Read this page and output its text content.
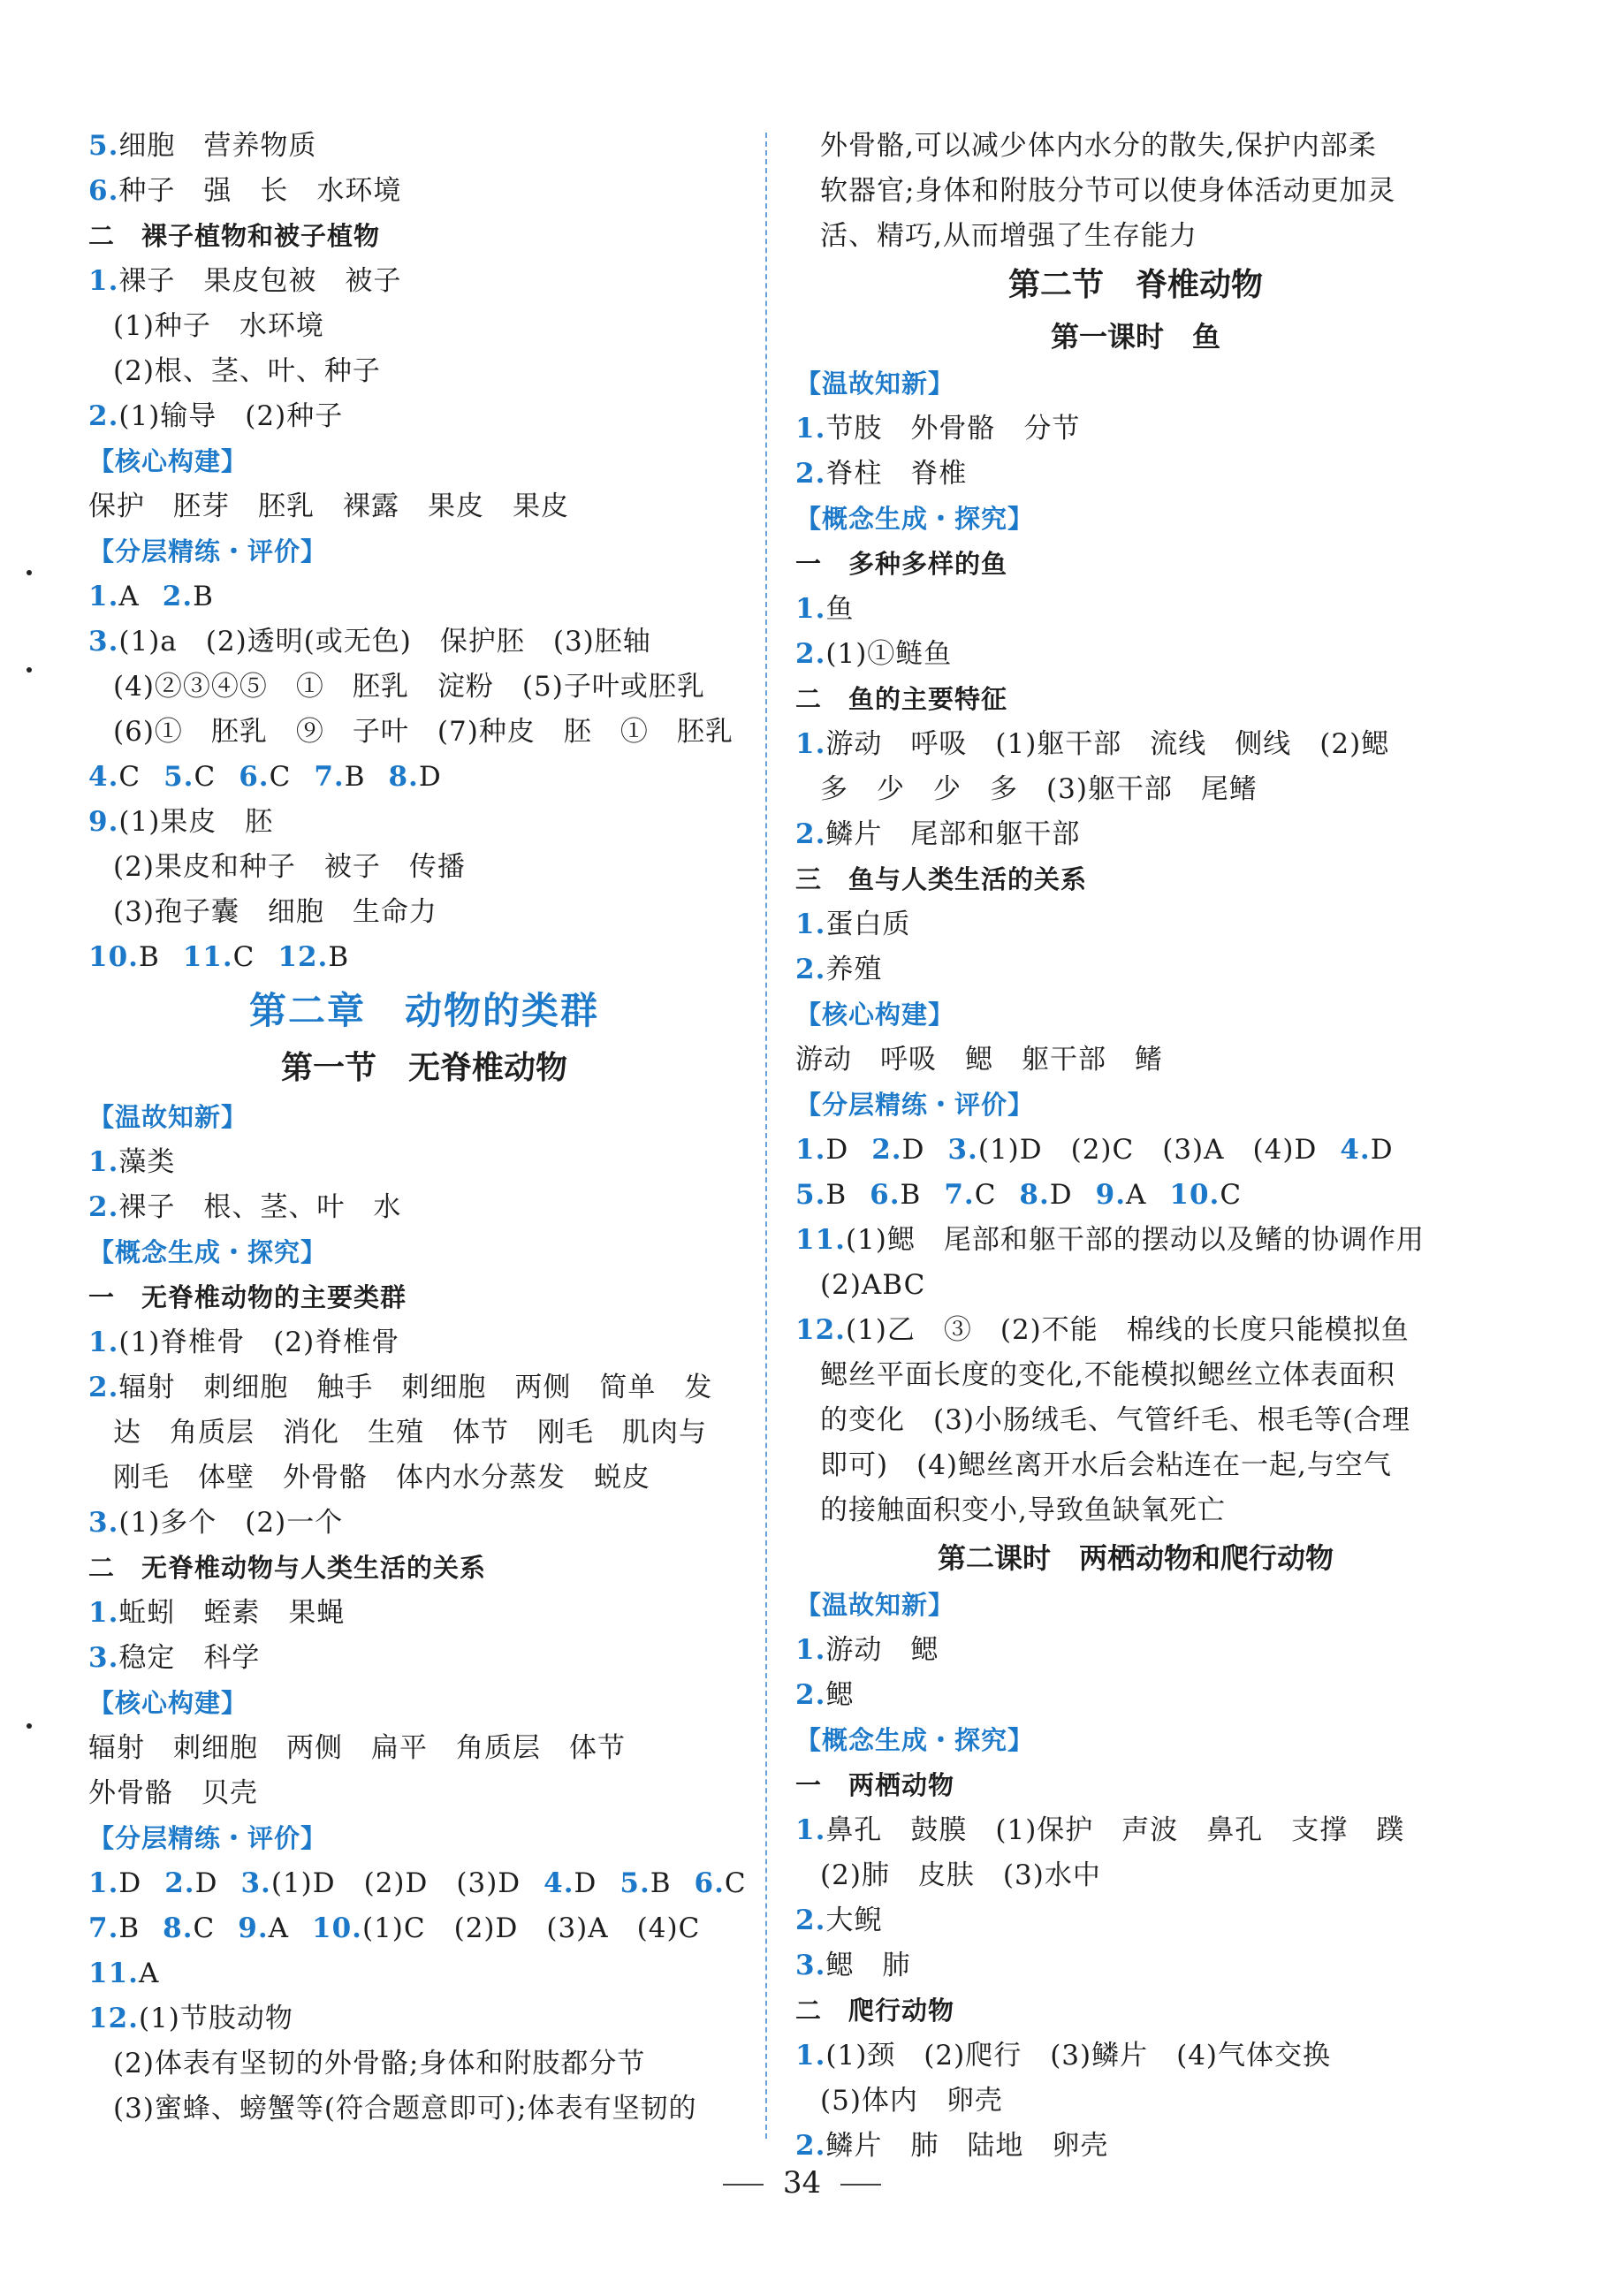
5.细胞　营养物质
6.种子　强　长　水环境
二　裸子植物和被子植物
1.裸子　果皮包被　被子
(1)种子　水环境
(2)根、茎、叶、种子
2.(1)输导　(2)种子
【核心构建】
保护　胚芽　胚乳　裸露　果皮　果皮
【分层精练・评价】
1.A 2.B
3.(1)a　(2)透明(或无色)　保护胚　(3)胚轴
(4)②③④⑤　①　胚乳　淀粉　(5)子叶或胚乳
(6)①　胚乳　⑨　子叶　(7)种皮　胚　①　胚乳
4.C 5.C 6.C 7.B 8.D
9.(1)果皮　胚
(2)果皮和种子　被子　传播
(3)孢子囊　细胞　生命力
10.B 11.C 12.B
第二章　动物的类群
第一节　无脊椎动物
【温故知新】
1.藻类
2.裸子　根、茎、叶　水
【概念生成・探究】
一　无脊椎动物的主要类群
1.(1)脊椎骨　(2)脊椎骨
2.辐射　刺细胞　触手　刺细胞　两侧　简单　发
达　角质层　消化　生殖　体节　刚毛　肌肉与
刚毛　体壁　外骨骼　体内水分蒸发　蜕皮
3.(1)多个　(2)一个
二　无脊椎动物与人类生活的关系
1.蚯蚓　蛭素　果蝇
3.稳定　科学
【核心构建】
辐射　刺细胞　两侧　扁平　角质层　体节
外骨骼　贝壳
【分层精练・评价】
1.D 2.D 3.(1)D　(2)D　(3)D 4.D 5.B 6.C
7.B 8.C 9.A 10.(1)C　(2)D　(3)A　(4)C
11.A
12.(1)节肢动物
(2)体表有坚韧的外骨骼;身体和附肢都分节
(3)蜜蜂、螃蟹等(符合题意即可);体表有坚韧的
外骨骼,可以减少体内水分的散失,保护内部柔
软器官;身体和附肢分节可以使身体活动更加灵
活、精巧,从而增强了生存能力
第二节　脊椎动物
第一课时　鱼
【温故知新】
1.节肢　外骨骼　分节
2.脊柱　脊椎
【概念生成・探究】
一　多种多样的鱼
1.鱼
2.(1)①鲢鱼
二　鱼的主要特征
1.游动　呼吸　(1)躯干部　流线　侧线　(2)鳃
多　少　少　多　(3)躯干部　尾鳍
2.鳞片　尾部和躯干部
三　鱼与人类生活的关系
1.蛋白质
2.养殖
【核心构建】
游动　呼吸　鳃　躯干部　鳍
【分层精练・评价】
1.D 2.D 3.(1)D　(2)C　(3)A　(4)D 4.D
5.B 6.B 7.C 8.D 9.A 10.C
11.(1)鳃　尾部和躯干部的摆动以及鳍的协调作用
(2)ABC
12.(1)乙　③　(2)不能　棉线的长度只能模拟鱼
鳃丝平面长度的变化,不能模拟鳃丝立体表面积
的变化　(3)小肠绒毛、气管纤毛、根毛等(合理
即可)　(4)鳃丝离开水后会粘连在一起,与空气
的接触面积变小,导致鱼缺氧死亡
第二课时　两栖动物和爬行动物
【温故知新】
1.游动　鳃
2.鳃
【概念生成・探究】
一　两栖动物
1.鼻孔　鼓膜　(1)保护　声波　鼻孔　支撑　蹼
(2)肺　皮肤　(3)水中
2.大鲵
3.鳃　肺
二　爬行动物
1.(1)颈　(2)爬行　(3)鳞片　(4)气体交换
(5)体内　卵壳
2.鳞片　肺　陆地　卵壳
34
